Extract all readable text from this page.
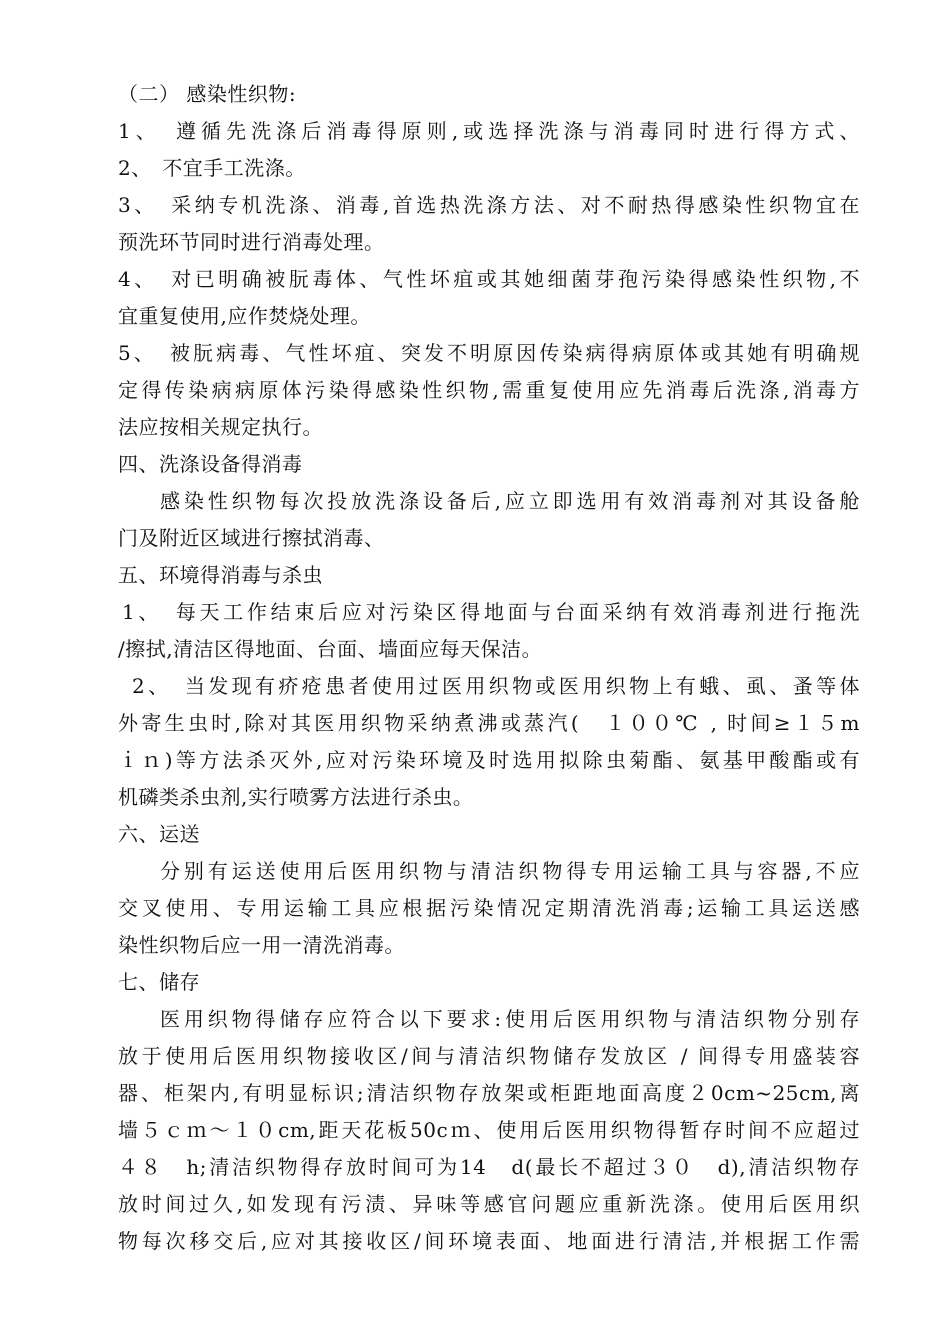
（二） 感染性织物:
1、　遵循先洗涤后消毒得原则,或选择洗涤与消毒同时进行得方式、
2、　不宜手工洗涤。
3、　采纳专机洗涤、消毒,首选热洗涤方法、对不耐热得感染性织物宜在
预洗环节同时进行消毒处理。
4、　对已明确被朊毒体、气性坏疽或其她细菌芽孢污染得感染性织物,不
宜重复使用,应作焚烧处理。
5、　被朊病毒、气性坏疽、突发不明原因传染病得病原体或其她有明确规
定得传染病病原体污染得感染性织物,需重复使用应先消毒后洗涤,消毒方
法应按相关规定执行。
四、洗涤设备得消毒
感染性织物每次投放洗涤设备后,应立即选用有效消毒剂对其设备舱
门及附近区域进行擦拭消毒、
五、环境得消毒与杀虫
1、　每天工作结束后应对污染区得地面与台面采纳有效消毒剂进行拖洗
/擦拭,清洁区得地面、台面、墙面应每天保洁。
2、　当发现有疥疮患者使用过医用织物或医用织物上有蛾、虱、蚤等体
外寄生虫时,除对其医用织物采纳煮沸或蒸汽(　１００℃ , 时间≥１５m
ｉｎ)等方法杀灭外,应对污染环境及时选用拟除虫菊酯、氨基甲酸酯或有
机磷类杀虫剂,实行喷雾方法进行杀虫。
六、运送
分别有运送使用后医用织物与清洁织物得专用运输工具与容器,不应
交叉使用、专用运输工具应根据污染情况定期清洗消毒;运输工具运送感
染性织物后应一用一清洗消毒。
七、储存
医用织物得储存应符合以下要求:使用后医用织物与清洁织物分别存
放于使用后医用织物接收区/间与清洁织物储存发放区 / 间得专用盛装容
器、柜架内,有明显标识;清洁织物存放架或柜距地面高度２0cm~25cm,离
墙５ｃｍ～１０cm,距天花板50cｍ、使用后医用织物得暂存时间不应超过
４８　h;清洁织物得存放时间可为14　d(最长不超过３０　d),清洁织物存
放时间过久,如发现有污渍、异味等感官问题应重新洗涤。使用后医用织
物每次移交后,应对其接收区/间环境表面、地面进行清洁,并根据工作需
